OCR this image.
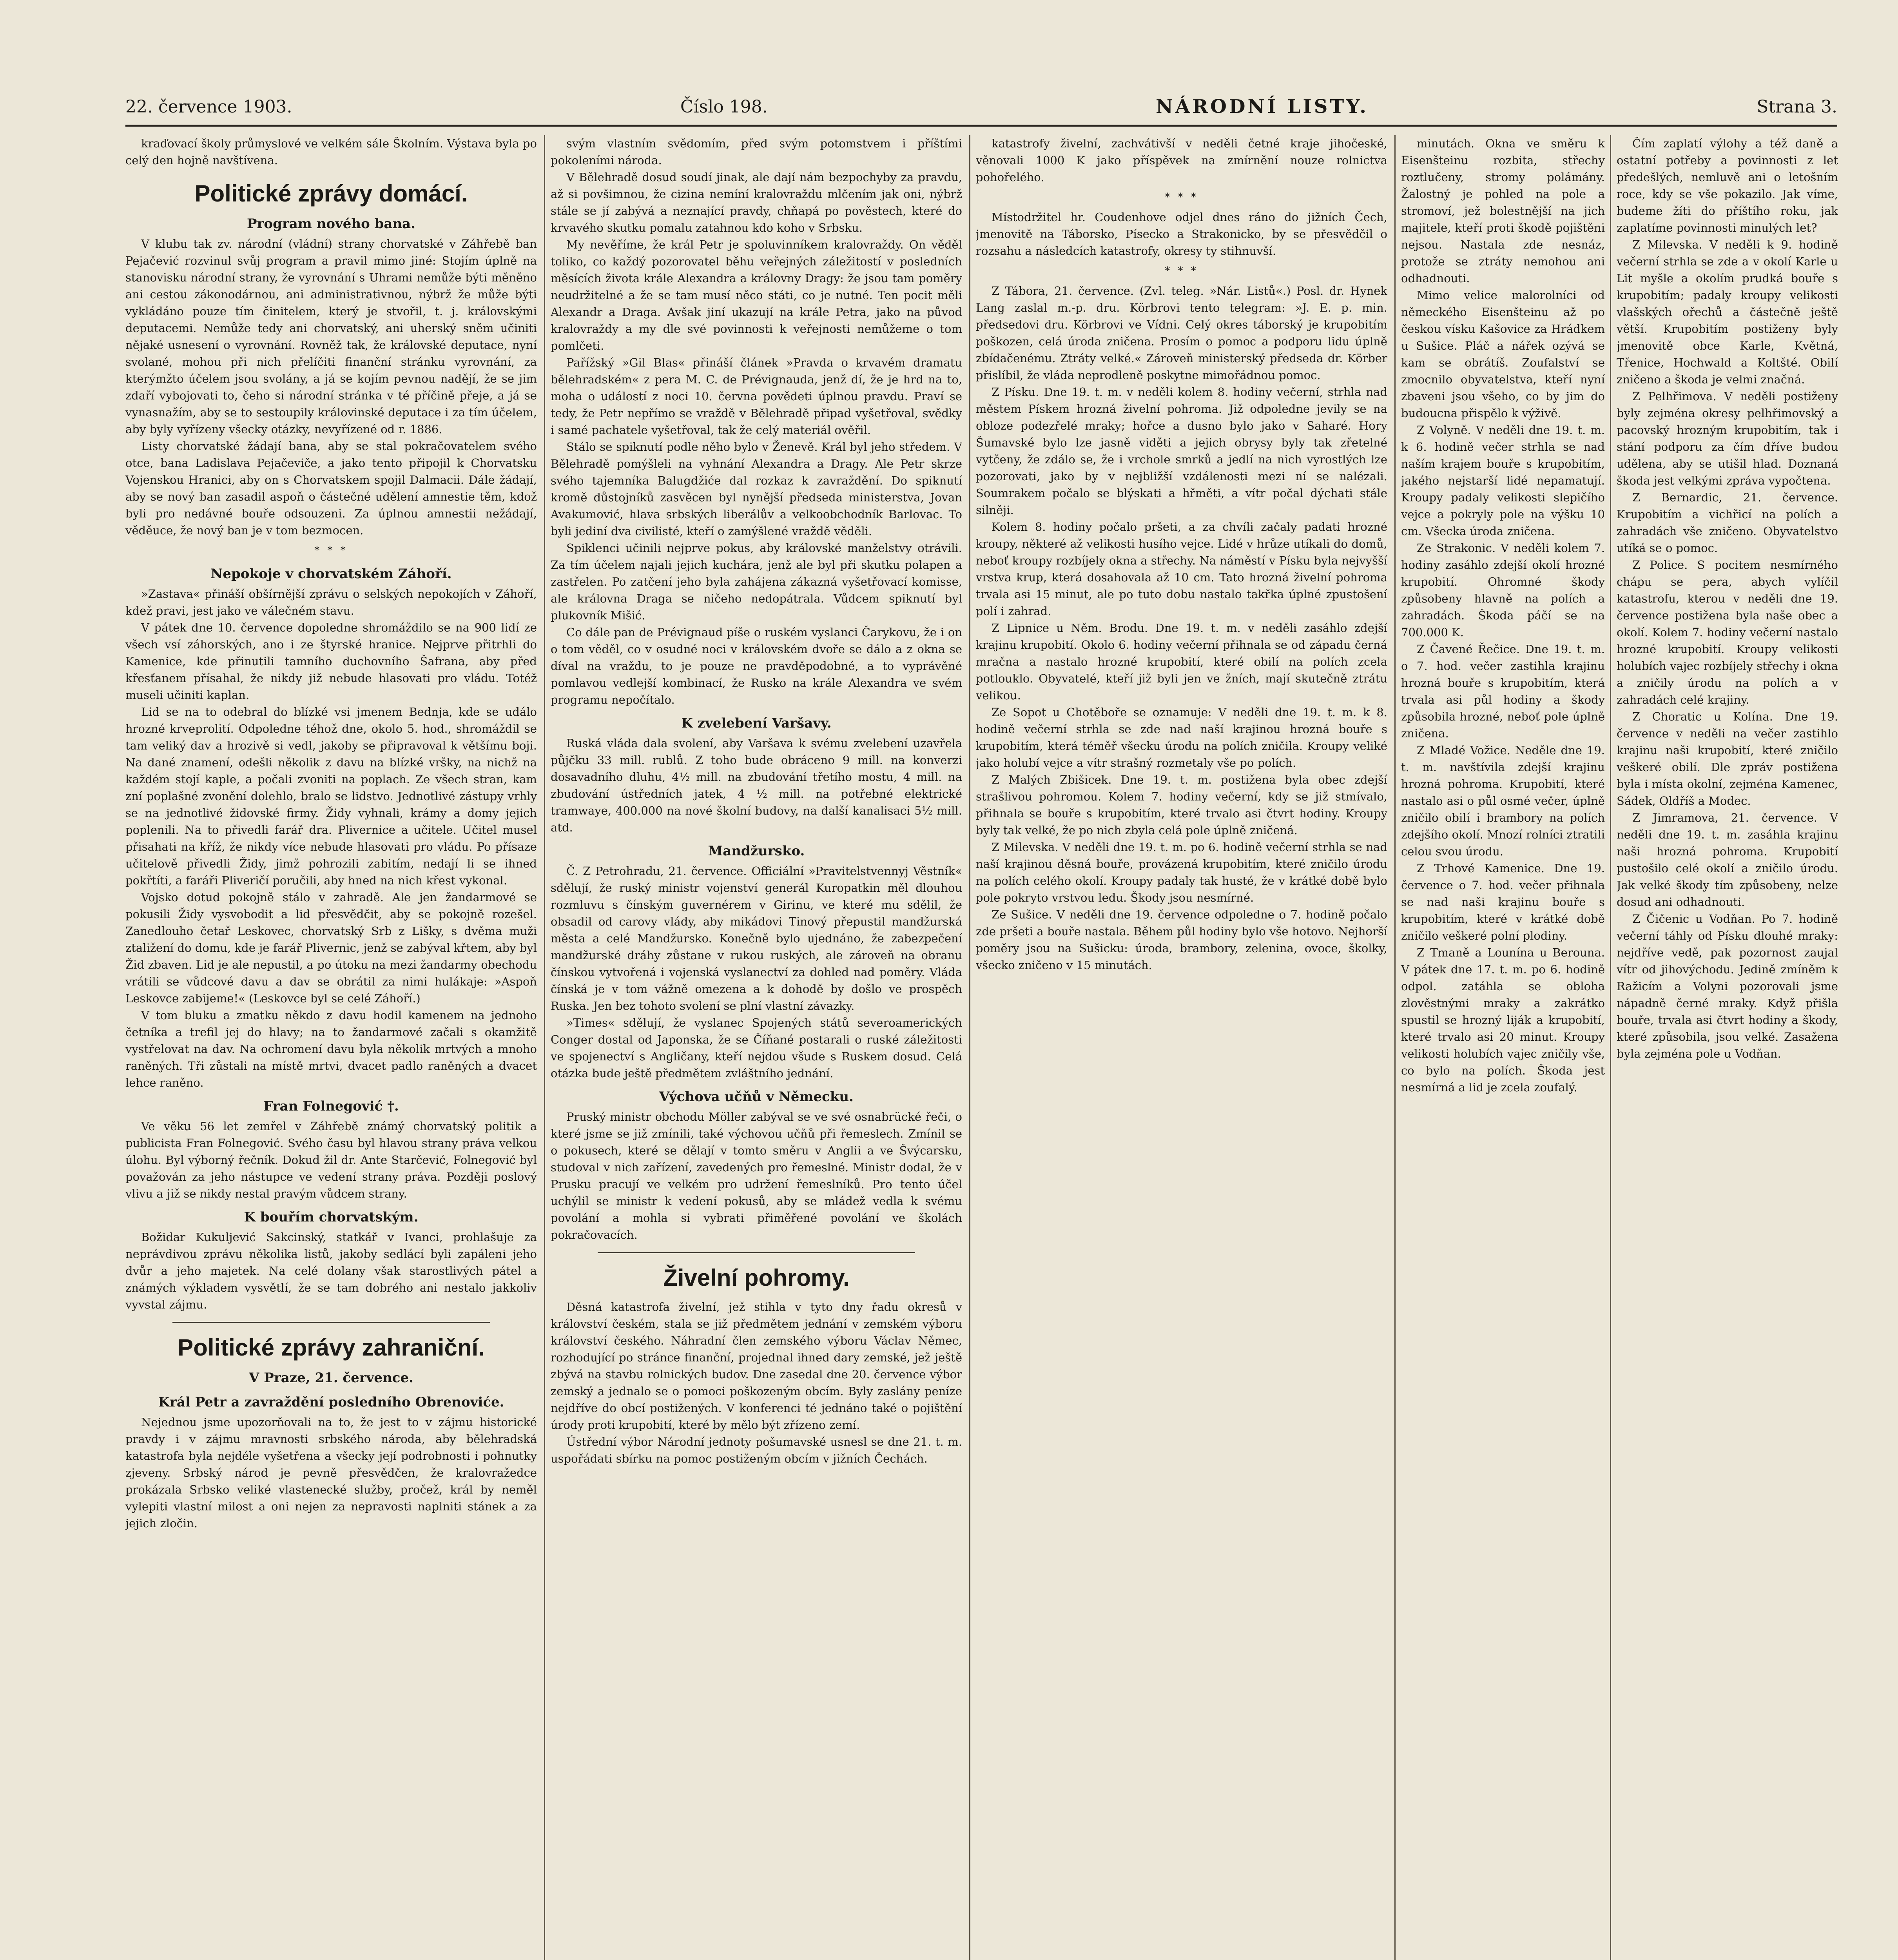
22. července 1903.	Číslo 198.	NÁRODNÍ LISTY.	Strana 3.

kraďovací školy průmyslové ve velkém sále Školním. Výstava byla po celý den hojně navštívena.

Politické zprávy domácí.
Program nového bana.

V klubu tak zv. národní (vládní) strany chorvatské v Záhřebě ban Pejačević rozvinul svůj program a pravil mimo jiné: Stojím úplně na stanovisku národní strany, že vyrovnání s Uhrami nemůže býti měněno ani cestou zákonodárnou, ani administrativnou, nýbrž že může býti vykládáno pouze tím činitelem, který je stvořil, t. j. královskými deputacemi. Nemůže tedy ani chorvatský, ani uherský sněm učiniti nějaké usnesení o vyrovnání. Rovněž tak, že královské deputace, nyní svolané, mohou při nich přelíčiti finanční stránku vyrovnání, za kterýmžto účelem jsou svolány, a já se kojím pevnou nadějí, že se jim zdaří vybojovati to, čeho si národní stránka v té příčině přeje, a já se vynasnažím, aby se to sestoupily královinské deputace i za tím účelem, aby byly vyřízeny všecky otázky, nevyřízené od r. 1886.

Listy chorvatské žádají bana, aby se stal pokračovatelem svého otce, bana Ladislava Pejačeviče, a jako tento připojil k Chorvatsku Vojenskou Hranici, aby on s Chorvatskem spojil Dalmacii. Dále žádají, aby se nový ban zasadil aspoň o částečné udělení amnestie těm, kdož byli pro nedávné bouře odsouzeni. Za úplnou amnestii nežádají, věděuce, že nový ban je v tom bezmocen.

* * *
Nepokoje v chorvatském Záhoří.

»Zastava« přináší obšírnější zprávu o selských nepokojích v Záhoří, kdež pravi, jest jako ve válečném stavu.

V pátek dne 10. července dopoledne shromáždilo se na 900 lidí ze všech vsí záhorských, ano i ze štyrské hranice. Nejprve přitrhli do Kamenice, kde přinutili tamního duchovního Šafrana, aby před křesťanem přísahal, že nikdy již nebude hlasovati pro vládu. Totéž museli učiniti kaplan.

Lid se na to odebral do blízké vsi jmenem Bednja, kde se událo hrozné krveprolití. Odpoledne téhož dne, okolo 5. hod., shromáždil se tam veliký dav a hrozivě si vedl, jakoby se připravoval k většímu boji. Na dané znamení, odešli několik z davu na blízké vršky, na nichž na každém stojí kaple, a počali zvoniti na poplach. Ze všech stran, kam zní poplašné zvonění dolehlo, bralo se lidstvo. Jednotlivé zástupy vrhly se na jednotlivé židovské firmy. Židy vyhnali, krámy a domy jejich poplenili. Na to přivedli farář dra. Plivernice a učitele. Učitel musel přisahati na kříž, že nikdy více nebude hlasovati pro vládu. Po přísaze učitelově přivedli Židy, jimž pohrozili zabitím, nedají li se ihned pokřtíti, a faráři Pliveričí poručili, aby hned na nich křest vykonal.

Vojsko dotud pokojně stálo v zahradě. Ale jen žandarmové se pokusili Židy vysvobodit a lid přesvědčit, aby se pokojně rozešel. Zanedlouho četař Leskovec, chorvatský Srb z Lišky, s dvěma muži ztaližení do domu, kde je farář Plivernic, jenž se zabýval křtem, aby byl Žid zbaven. Lid je ale nepustil, a po útoku na mezi žandarmy obechodu vrátili se vůdcové davu a dav se obrátil za nimi hulákaje: »Aspoň Leskovce zabijeme!« (Leskovce byl se celé Záhoří.)

V tom bluku a zmatku někdo z davu hodil kamenem na jednoho četníka a trefil jej do hlavy; na to žandarmové začali s okamžitě vystřelovat na dav. Na ochromení davu byla několik mrtvých a mnoho raněných. Tři zůstali na místě mrtvi, dvacet padlo raněných a dvacet lehce raněno.

Fran Folnegović †.

Ve věku 56 let zemřel v Záhřebě známý chorvatský politik a publicista Fran Folnegović. Svého času byl hlavou strany práva velkou úlohu. Byl výborný řečník. Dokud žil dr. Ante Starčević, Folnegović byl považován za jeho nástupce ve vedení strany práva. Později poslový vlivu a již se nikdy nestal pravým vůdcem strany.

K bouřím chorvatským.

Božidar Kukuljević Sakcinský, statkář v Ivanci, prohlašuje za neprávdivou zprávu několika listů, jakoby sedlácí byli zapáleni jeho dvůr a jeho majetek. Na celé dolany však starostlivých pátel a známých výkladem vysvětlí, že se tam dobrého ani nestalo jakkoliv vyvstal zájmu.

Politické zprávy zahraniční.
V Praze, 21. července.
Král Petr a zavraždění posledního Obrenoviće.

Nejednou jsme upozorňovali na to, že jest to v zájmu historické pravdy i v zájmu mravnosti srbského národa, aby bělehradská katastrofa byla nejdéle vyšetřena a všecky její podrobnosti i pohnutky zjeveny. Srbský národ je pevně přesvědčen, že kralovražedce prokázala Srbsko veliké vlastenecké služby, pročež, král by neměl vylepiti vlastní milost a oni nejen za nepravosti naplniti stánek a za jejich zločin.

svým vlastním svědomím, před svým potomstvem i příštími pokoleními národa.

V Bělehradě dosud soudí jinak, ale dají nám bezpochyby za pravdu, až si povšimnou, že cizina nemíní kralovraždu mlčením jak oni, nýbrž stále se jí zabývá a neznající pravdy, chňapá po pověstech, které do krvavého skutku pomalu zatahnou kdo koho v Srbsku.

My nevěříme, že král Petr je spoluvinníkem kralovraždy. On věděl toliko, co každý pozorovatel běhu veřejných záležitostí v posledních měsících života krále Alexandra a královny Dragy: že jsou tam poměry neudržitelné a že se tam musí něco státi, co je nutné. Ten pocit měli Alexandr a Draga. Avšak jiní ukazují na krále Petra, jako na původ kralovraždy a my dle své povinnosti k veřejnosti nemůžeme o tom pomlčeti.

Pařížský »Gil Blas« přináší článek »Pravda o krvavém dramatu bělehradském« z pera M. C. de Prévignauda, jenž dí, že je hrd na to, moha o událostí z noci 10. června povědeti úplnou pravdu. Praví se tedy, že Petr nepřímo se vraždě v Bělehradě připad vyšetřoval, svědky i samé pachatele vyšetřoval, tak že celý materiál ověřil.

Stálo se spiknutí podle něho bylo v Ženevě. Král byl jeho středem. V Bělehradě pomýšleli na vyhnání Alexandra a Dragy. Ale Petr skrze svého tajemníka Balugdžiće dal rozkaz k zavraždění. Do spiknutí kromě důstojníků zasvěcen byl nynější předseda ministerstva, Jovan Avakumović, hlava srbských liberálův a velkoobchodník Barlovac. To byli jediní dva civilisté, kteří o zamýšlené vraždě věděli.

Spiklenci učinili nejprve pokus, aby královské manželstvy otrávili. Za tím účelem najali jejich kuchára, jenž ale byl při skutku polapen a zastřelen. Po zatčení jeho byla zahájena zákazná vyšetřovací komisse, ale královna Draga se ničeho nedopátrala. Vůdcem spiknutí byl plukovník Mišić.

Co dále pan de Prévignaud píše o ruském vyslanci Čarykovu, že i on o tom věděl, co v osudné noci v královském dvoře se dálo a z okna se díval na vraždu, to je pouze ne pravděpodobné, a to vyprávěné pomlavou vedlejší kombinací, že Rusko na krále Alexandra ve svém programu nepočítalo.

K zvelebení Varšavy.

Ruská vláda dala svolení, aby Varšava k svému zvelebení uzavřela půjčku 33 mill. rublů. Z toho bude obráceno 9 mill. na konverzi dosavadního dluhu, 4½ mill. na zbudování třetího mostu, 4 mill. na zbudování ústředních jatek, 4 ½ mill. na potřebné elektrické tramwaye, 400.000 na nové školní budovy, na další kanalisaci 5½ mill. atd.

Mandžursko.

Č. Z Petrohradu, 21. července. Officiální »Pravitelstvennyj Věstník« sdělují, že ruský ministr vojenství generál Kuropatkin měl dlouhou rozmluvu s čínským guvernérem v Girinu, ve které mu sdělil, že obsadil od carovy vlády, aby mikádovi Tinový přepustil mandžurská města a celé Mandžursko. Konečně bylo ujednáno, že zabezpečení mandžurské dráhy zůstane v rukou ruských, ale zároveň na obranu čínskou vytvořená i vojenská vyslanectví za dohled nad poměry. Vláda čínská je v tom vážně omezena a k dohodě by došlo ve prospěch Ruska. Jen bez tohoto svolení se plní vlastní závazky.

»Times« sdělují, že vyslanec Spojených států severoamerických Conger dostal od Japonska, že se Číňané postarali o ruské záležitosti ve spojenectví s Angličany, kteří nejdou všude s Ruskem dosud. Celá otázka bude ještě předmětem zvláštního jednání.

Výchova učňů v Německu.

Pruský ministr obchodu Möller zabýval se ve své osnabrücké řeči, o které jsme se již zmínili, také výchovou učňů při řemeslech. Zmínil se o pokusech, které se dělají v tomto směru v Anglii a ve Švýcarsku, studoval v nich zařízení, zavedených pro řemeslné. Ministr dodal, že v Prusku pracují ve velkém pro udržení řemeslníků. Pro tento účel uchýlil se ministr k vedení pokusů, aby se mládež vedla k svému povolání a mohla si vybrati přiměřené povolání ve školách pokračovacích.

Živelní pohromy.

Děsná katastrofa živelní, jež stihla v tyto dny řadu okresů v království českém, stala se již předmětem jednání v zemském výboru království českého. Náhradní člen zemského výboru Václav Němec, rozhodující po stránce finanční, projednal ihned dary zemské, jež ještě zbývá na stavbu rolnických budov. Dne zasedal dne 20. července výbor zemský a jednalo se o pomoci poškozeným obcím. Byly zaslány peníze nejdříve do obcí postižených. V konferenci té jednáno také o pojištění úrody proti krupobití, které by mělo být zřízeno zemí.

Ústřední výbor Národní jednoty pošumavské usnesl se dne 21. t. m. uspořádati sbírku na pomoc postiženým obcím v jižních Čechách.

katastrofy živelní, zachvátivší v neděli četné kraje jihočeské, věnovali 1000 K jako příspěvek na zmírnění nouze rolnictva pohořelého.

* * *

Místodržitel hr. Coudenhove odjel dnes ráno do jižních Čech, jmenovitě na Táborsko, Písecko a Strakonicko, by se přesvědčil o rozsahu a následcích katastrofy, okresy ty stihnuvší.

* * *

Z Tábora, 21. července. (Zvl. teleg. »Nár. Listů«.) Posl. dr. Hynek Lang zaslal m.-p. dru. Körbrovi tento telegram: »J. E. p. min. předsedovi dru. Körbrovi ve Vídni. Celý okres táborský je krupobitím poškozen, celá úroda zničena. Prosím o pomoc a podporu lidu úplně zbídačenému. Ztráty velké.« Zároveň ministerský předseda dr. Körber přislíbil, že vláda neprodleně poskytne mimořádnou pomoc.

Z Písku. Dne 19. t. m. v neděli kolem 8. hodiny večerní, strhla nad městem Pískem hrozná živelní pohroma. Již odpoledne jevily se na obloze podezřelé mraky; hořce a dusno bylo jako v Saharé. Hory Šumavské bylo lze jasně viděti a jejich obrysy byly tak zřetelné vytčeny, že zdálo se, že i vrchole smrků a jedlí na nich vyrostlých lze pozorovati, jako by v nejbližší vzdálenosti mezi ní se nalézali. Soumrakem počalo se blýskati a hřměti, a vítr počal dýchati stále silněji.

Kolem 8. hodiny počalo pršeti, a za chvíli začaly padati hrozné kroupy, některé až velikosti husího vejce. Lidé v hrůze utíkali do domů, neboť kroupy rozbíjely okna a střechy. Na náměstí v Písku byla nejvyšší vrstva krup, která dosahovala až 10 cm. Tato hrozná živelní pohroma trvala asi 15 minut, ale po tuto dobu nastalo takřka úplné zpustošení polí i zahrad.

Z Lipnice u Něm. Brodu. Dne 19. t. m. v neděli zasáhlo zdejší krajinu krupobití. Okolo 6. hodiny večerní přihnala se od západu černá mračna a nastalo hrozné krupobití, které obilí na polích zcela potlouklo. Obyvatelé, kteří již byli jen ve žních, mají skutečně ztrátu velikou.

Ze Sopot u Chotěboře se oznamuje: V neděli dne 19. t. m. k 8. hodině večerní strhla se zde nad naší krajinou hrozná bouře s krupobitím, která téměř všecku úrodu na polích zničila. Kroupy veliké jako holubí vejce a vítr strašný rozmetaly vše po polích.

Z Malých Zbišicek. Dne 19. t. m. postižena byla obec zdejší strašlivou pohromou. Kolem 7. hodiny večerní, kdy se již stmívalo, přihnala se bouře s krupobitím, které trvalo asi čtvrt hodiny. Kroupy byly tak velké, že po nich zbyla celá pole úplně zničená.

Z Milevska. V neděli dne 19. t. m. po 6. hodině večerní strhla se nad naší krajinou děsná bouře, provázená krupobitím, které zničilo úrodu na polích celého okolí. Kroupy padaly tak husté, že v krátké době bylo pole pokryto vrstvou ledu. Škody jsou nesmírné.

Ze Sušice. V neděli dne 19. července odpoledne o 7. hodině počalo zde pršeti a bouře nastala. Během půl hodiny bylo vše hotovo. Nejhorší poměry jsou na Sušicku: úroda, brambory, zelenina, ovoce, školky, všecko zničeno v 15 minutách.

minutách. Okna ve směru k Eisenšteinu rozbita, střechy roztlučeny, stromy polámány. Žalostný je pohled na pole a stromoví, jež bolestnější na jich majitele, kteří proti škodě pojištěni nejsou. Nastala zde nesnáz, protože se ztráty nemohou ani odhadnouti.

Mimo velice malorolníci od německého Eisenšteinu až po českou vísku Kašovice za Hrádkem u Sušice. Pláč a nářek ozývá se kam se obrátíš. Zoufalství se zmocnilo obyvatelstva, kteří nyní zbaveni jsou všeho, co by jim do budoucna přispělo k výživě.

Z Volyně. V neděli dne 19. t. m. k 6. hodině večer strhla se nad naším krajem bouře s krupobitím, jakého nejstarší lidé nepamatují. Kroupy padaly velikosti slepičího vejce a pokryly pole na výšku 10 cm. Všecka úroda zničena.

Ze Strakonic. V neděli kolem 7. hodiny zasáhlo zdejší okolí hrozné krupobití. Ohromné škody způsobeny hlavně na polích a zahradách. Škoda páčí se na 700.000 K.

Z Čavené Řečice. Dne 19. t. m. o 7. hod. večer zastihla krajinu hrozná bouře s krupobitím, která trvala asi půl hodiny a škody způsobila hrozné, neboť pole úplně zničena.

Z Mladé Vožice. Neděle dne 19. t. m. navštívila zdejší krajinu hrozná pohroma. Krupobití, které nastalo asi o půl osmé večer, úplně zničilo obilí i brambory na polích zdejšího okolí. Mnozí rolníci ztratili celou svou úrodu.

Z Trhové Kamenice. Dne 19. července o 7. hod. večer přihnala se nad naši krajinu bouře s krupobitím, které v krátké době zničilo veškeré polní plodiny.

Z Tmaně a Lounína u Berouna. V pátek dne 17. t. m. po 6. hodině odpol. zatáhla se obloha zlověstnými mraky a zakrátko spustil se hrozný liják a krupobití, které trvalo asi 20 minut. Kroupy velikosti holubích vajec zničily vše, co bylo na polích. Škoda jest nesmírná a lid je zcela zoufalý.

Čím zaplatí výlohy a též daně a ostatní potřeby a povinnosti z let předešlých, nemluvě ani o letošním roce, kdy se vše pokazilo. Jak víme, budeme žíti do příštího roku, jak zaplatíme povinnosti minulých let?

Z Milevska. V neděli k 9. hodině večerní strhla se zde a v okolí Karle u Lit myšle a okolím prudká bouře s krupobitím; padaly kroupy velikosti vlašských ořechů a částečně ještě větší. Krupobitím postiženy byly jmenovitě obce Karle, Květná, Třenice, Hochwald a Koltšté. Obilí zničeno a škoda je velmi značná.

Z Pelhřimova. V neděli postiženy byly zejména okresy pelhřimovský a pacovský hrozným krupobitím, tak i stání podporu za čím dříve budou udělena, aby se utišil hlad. Doznaná škoda jest velkými zpráva vypočtena.

Z Bernardic, 21. července. Krupobitím a vichřicí na polích a zahradách vše zničeno. Obyvatelstvo utíká se o pomoc.

Z Police. S pocitem nesmírného chápu se pera, abych vylíčil katastrofu, kterou v neděli dne 19. července postižena byla naše obec a okolí. Kolem 7. hodiny večerní nastalo hrozné krupobití. Kroupy velikosti holubích vajec rozbíjely střechy i okna a zničily úrodu na polích a v zahradách celé krajiny.

Z Choratic u Kolína. Dne 19. července v neděli na večer zastihlo krajinu naši krupobití, které zničilo veškeré obilí. Dle zpráv postižena byla i místa okolní, zejména Kamenec, Sádek, Oldříš a Modec.

Z Jimramova, 21. července. V neděli dne 19. t. m. zasáhla krajinu naši hrozná pohroma. Krupobití pustošilo celé okolí a zničilo úrodu. Jak velké škody tím způsobeny, nelze dosud ani odhadnouti.

Z Čičenic u Vodňan. Po 7. hodině večerní táhly od Písku dlouhé mraky: nejdříve vedě, pak pozornost zaujal vítr od jihovýchodu. Jedině zmíněm k Ražicím a Volyni pozorovali jsme nápadně černé mraky. Když přišla bouře, trvala asi čtvrt hodiny a škody, které způsobila, jsou velké. Zasažena byla zejména pole u Vodňan.
